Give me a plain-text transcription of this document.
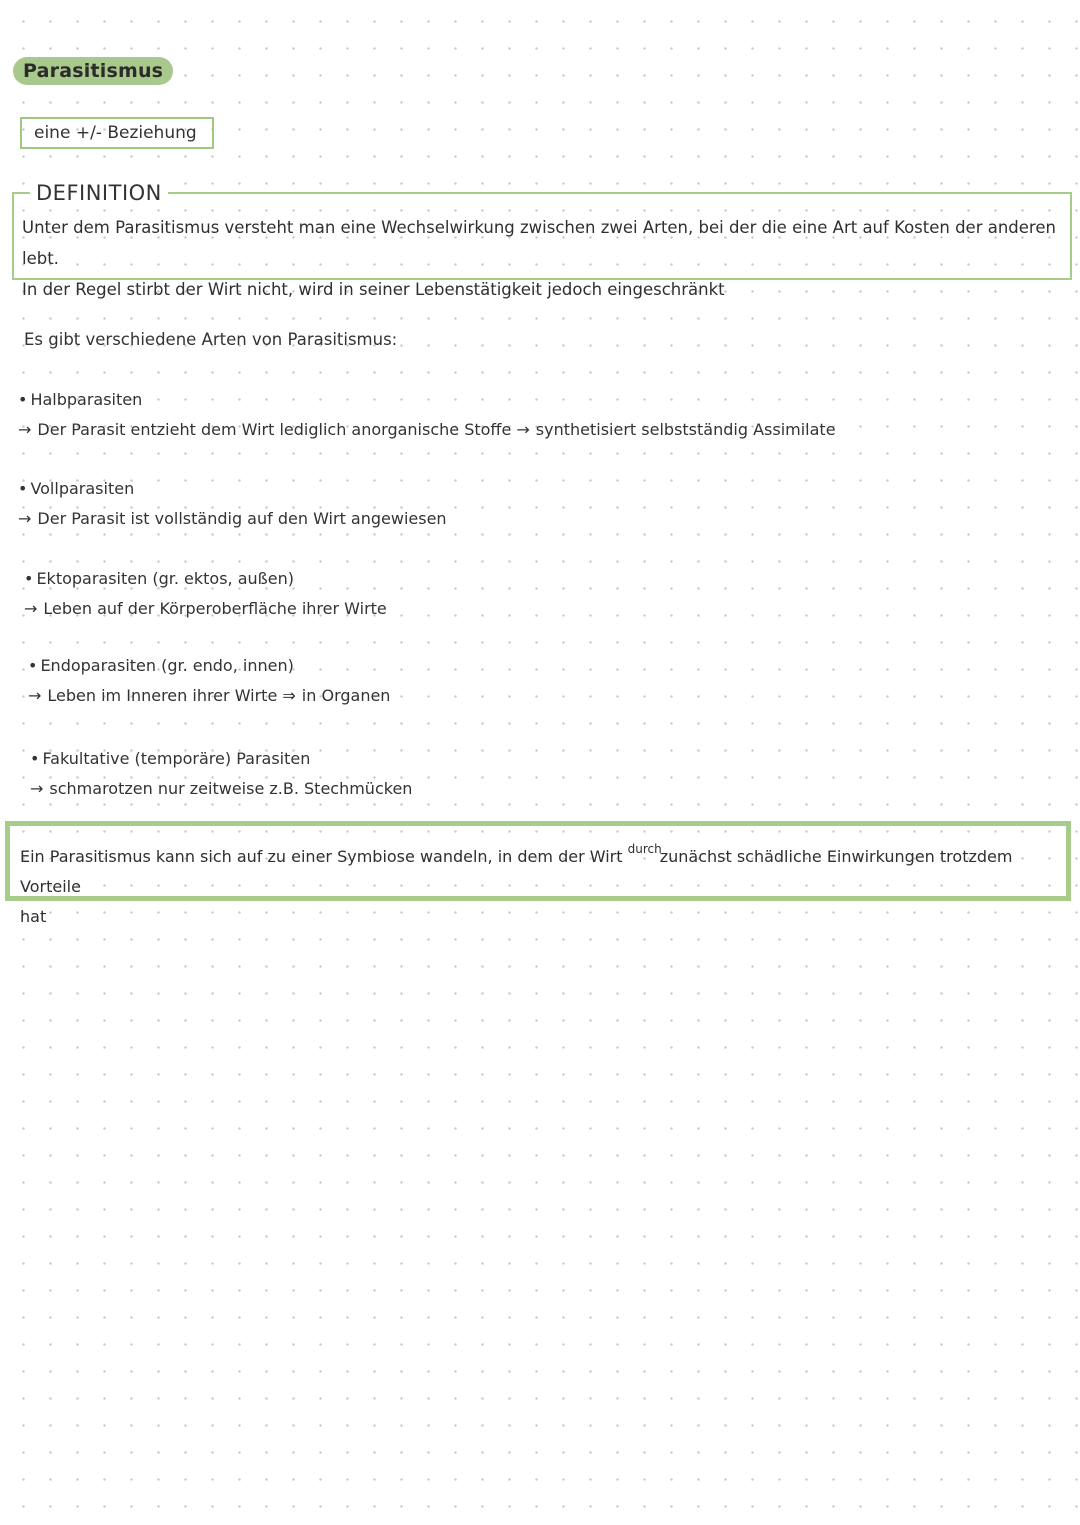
Parasitismus
eine +/- Beziehung
DEFINITION

Unter dem Parasitismus versteht man eine Wechselwirkung zwischen zwei Arten, bei der die eine Art auf Kosten der anderen lebt.

In der Regel stirbt der Wirt nicht, wird in seiner Lebenstätigkeit jedoch eingeschränkt

Es gibt verschiedene Arten von Parasitismus:
• Halbparasiten
→ Der Parasit entzieht dem Wirt lediglich anorganische Stoffe → synthetisiert selbstständig Assimilate
• Vollparasiten
→ Der Parasit ist vollständig auf den Wirt angewiesen
• Ektoparasiten (gr. ektos, außen)
→ Leben auf der Körperoberfläche ihrer Wirte
• Endoparasiten (gr. endo, innen)
→ Leben im Inneren ihrer Wirte ⇒ in Organen
• Fakultative (temporäre) Parasiten
→ schmarotzen nur zeitweise z.B. Stechmücken

Ein Parasitismus kann sich auf zu einer Symbiose wandeln, in dem der Wirt $^{durch}$zunächst schädliche Einwirkungen trotzdem Vorteile

hat
